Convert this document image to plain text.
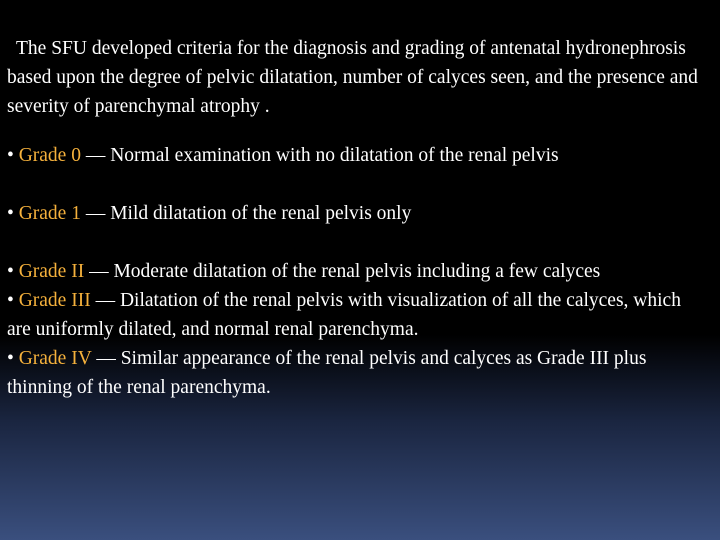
The SFU developed criteria for the diagnosis and grading of antenatal hydronephrosis based upon the degree of pelvic dilatation, number of calyces seen, and the presence and severity of parenchymal atrophy .

• Grade 0 — Normal examination with no dilatation of the renal pelvis

• Grade 1 — Mild dilatation of the renal pelvis only

• Grade II — Moderate dilatation of the renal pelvis including a few calyces

• Grade III — Dilatation of the renal pelvis with visualization of all the calyces, which are uniformly dilated, and normal renal parenchyma.

• Grade IV — Similar appearance of the renal pelvis and calyces as Grade III plus thinning of the renal parenchyma.
